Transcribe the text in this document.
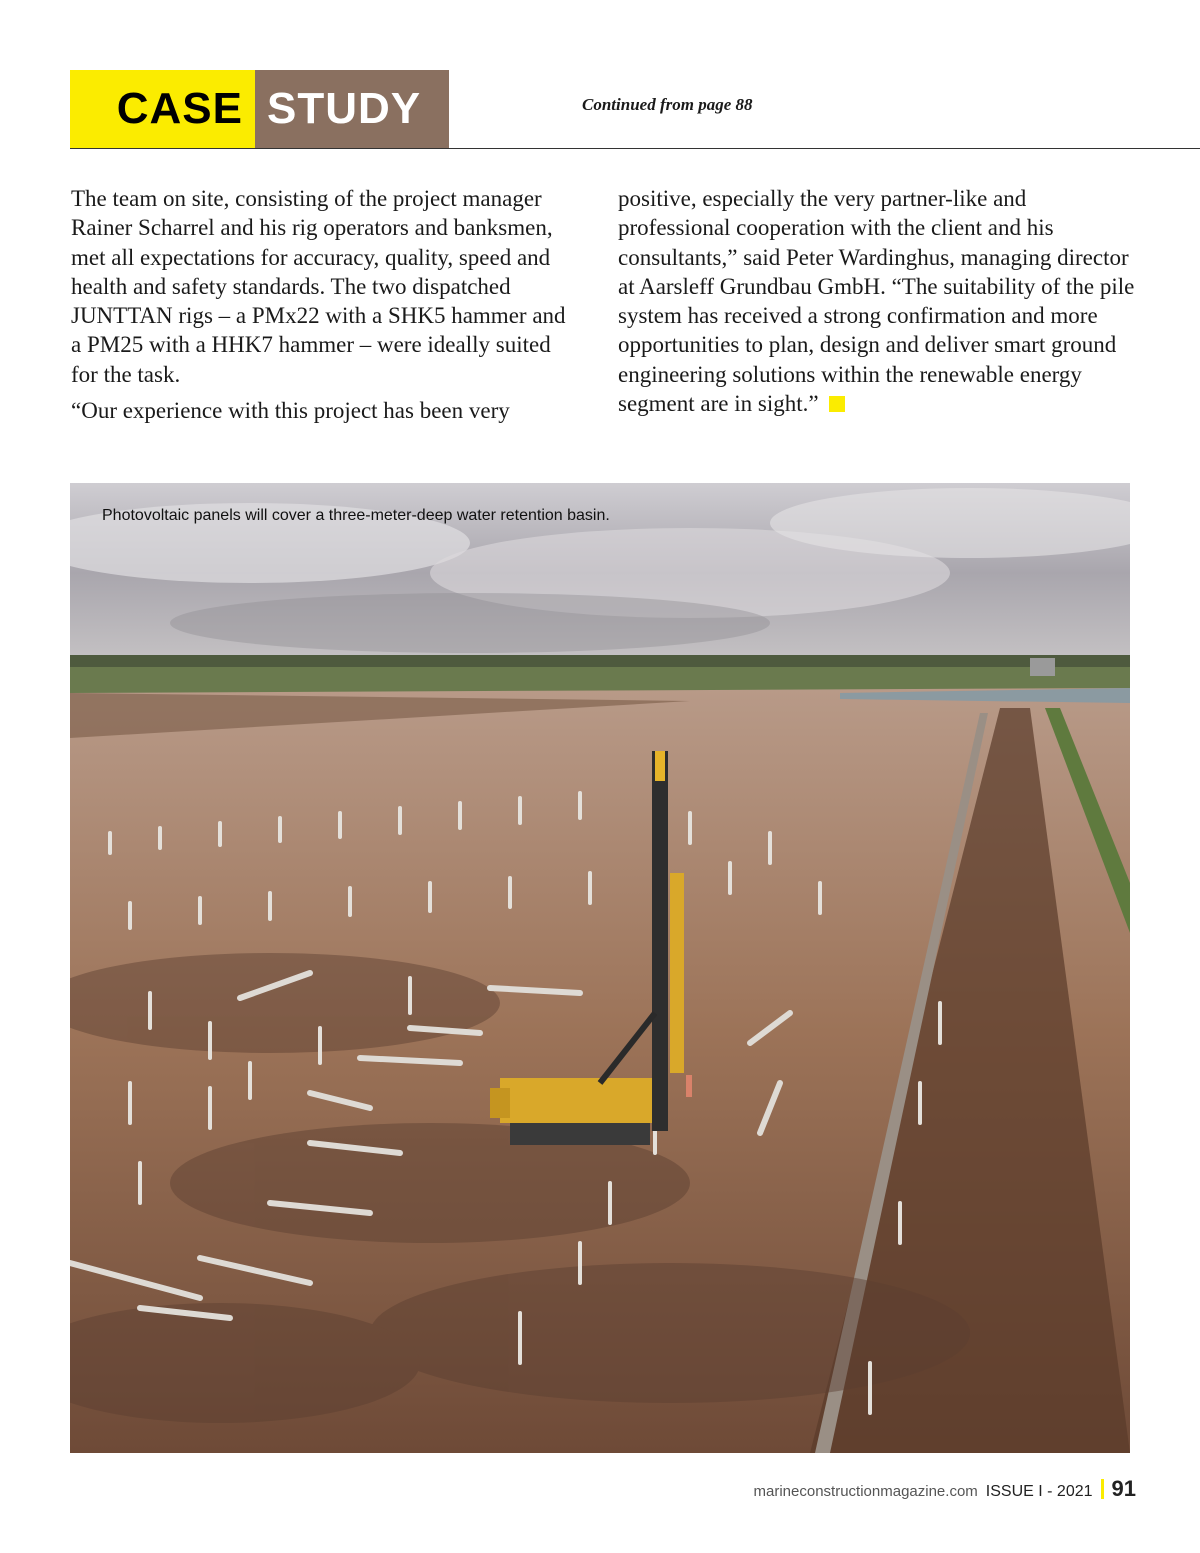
CASE STUDY	Continued from page 88

The team on site, consisting of the project manager Rainer Scharrel and his rig operators and banksmen, met all expectations for accuracy, quality, speed and health and safety standards. The two dispatched JUNTTAN rigs – a PMx22 with a SHK5 hammer and a PM25 with a HHK7 hammer – were ideally suited for the task.

“Our experience with this project has been very

positive, especially the very partner-like and professional cooperation with the client and his consultants,” said Peter Wardinghus, managing director at Aarsleff Grundbau GmbH. “The suitability of the pile system has received a strong confirmation and more opportunities to plan, design and deliver smart ground engineering solutions within the renewable energy segment are in sight.”

Photovoltaic panels will cover a three-meter-deep water retention basin.
marineconstructionmagazine.com ISSUE I - 2021 91
